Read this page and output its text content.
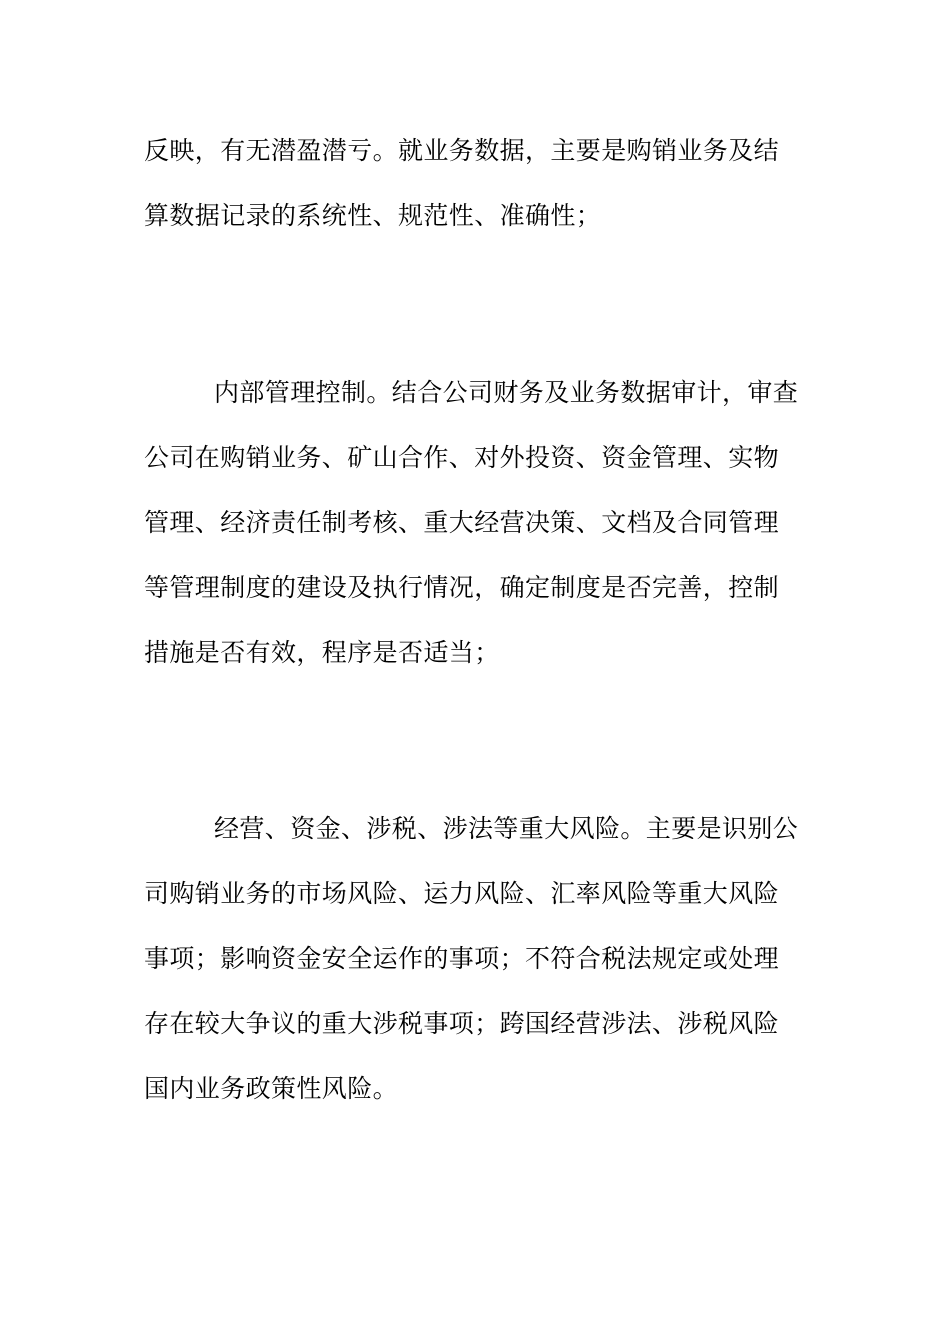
反映，有无潜盈潜亏。就业务数据，主要是购销业务及结
算数据记录的系统性、规范性、准确性；

内部管理控制。结合公司财务及业务数据审计，审查
公司在购销业务、矿山合作、对外投资、资金管理、实物
管理、经济责任制考核、重大经营决策、文档及合同管理
等管理制度的建设及执行情况，确定制度是否完善，控制
措施是否有效，程序是否适当；

经营、资金、涉税、涉法等重大风险。主要是识别公
司购销业务的市场风险、运力风险、汇率风险等重大风险
事项；影响资金安全运作的事项；不符合税法规定或处理
存在较大争议的重大涉税事项；跨国经营涉法、涉税风险
国内业务政策性风险。
